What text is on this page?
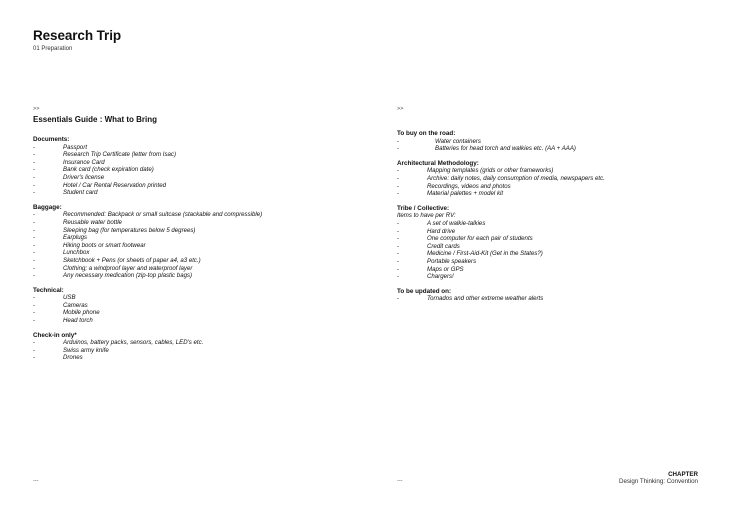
Research Trip
01 Preparation
>>	>>
Essentials Guide : What to Bring
Documents:
-	Passport
-	Research Trip Certificate (letter from Isac)
-	Insurance Card
-	Bank card (check expiration date)
-	Driver's license
-	Hotel / Car Rental Reservation printed
-	Student card
Baggage:
-	Recommended: Backpack or small suitcase (stackable and compressible)
-	Reusable water bottle
-	Sleeping bag (for temperatures below 5 degrees)
-	Earplugs
-	Hiking boots or smart footwear
-	Lunchbox
-	Sketchbook + Pens (or sheets of paper a4, a3 etc.)
-	Clothing; a windproof layer and waterproof layer
-	Any necessary medication (zip-top plastic bags)
Technical:
-	USB
-	Cameras
-	Mobile phone
-	Head torch
Check-in only*
-	Arduinos, battery packs, sensors, cables, LED's etc.
-	Swiss army knife
-	Drones
To buy on the road:
-	Water containers
-	Batteries for head torch and walkies etc. (AA + AAA)
Architectural Methodology:
-	Mapping templates (grids or other frameworks)
-	Archive: daily notes, daily consumption of media, newspapers etc.
-	Recordings, videos and photos
-	Material palettes + model kit
Tribe / Collective:
Items to have per RV:
-	A set of walkie-talkies
-	Hard drive
-	One computer for each pair of students
-	Credit cards
-	Medicine / First-Aid-Kit (Get in the States?)
-	Portable speakers
-	Maps or GPS
-	Chargers!
To be updated on:
-	Tornados and other extreme weather alerts
---	---
CHAPTER
Design Thinking: Convention
